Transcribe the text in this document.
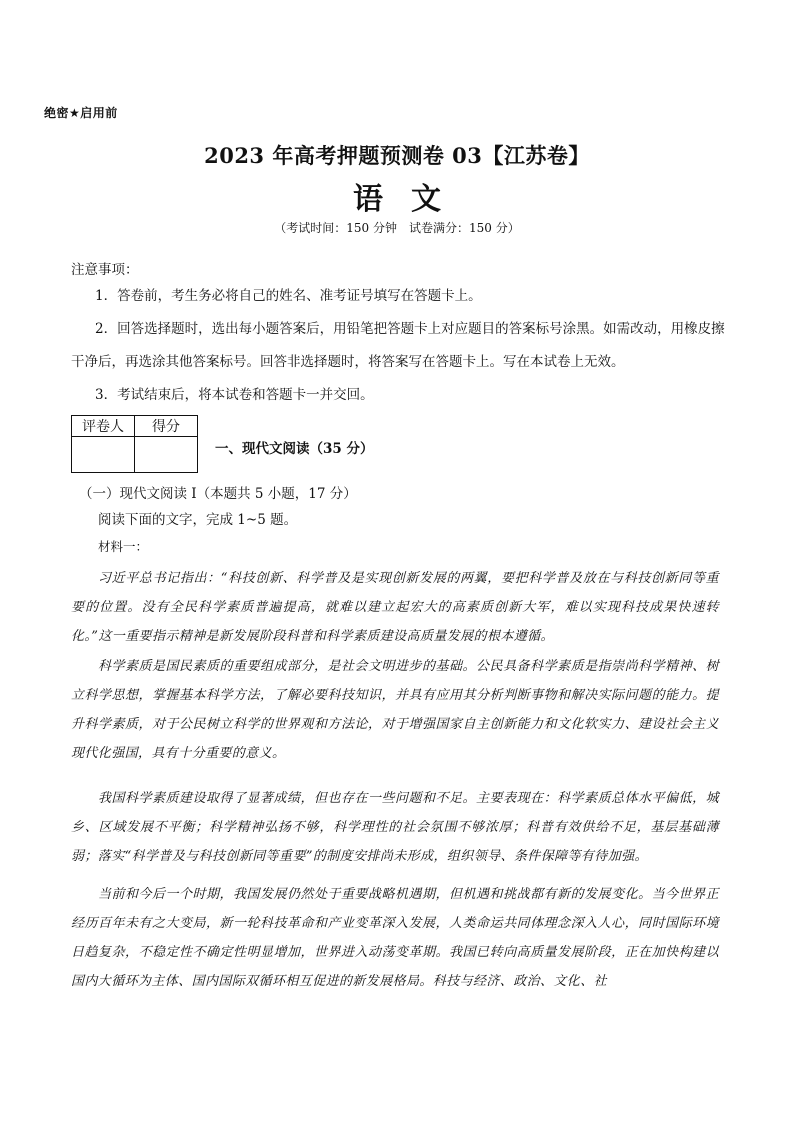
绝密★启用前
2023 年高考押题预测卷 03【江苏卷】
语文
（考试时间：150 分钟　试卷满分：150 分）
注意事项：
1．答卷前，考生务必将自己的姓名、准考证号填写在答题卡上。
2．回答选择题时，选出每小题答案后，用铅笔把答题卡上对应题目的答案标号涂黑。如需改动，用橡皮擦干净后，再选涂其他答案标号。回答非选择题时，将答案写在答题卡上。写在本试卷上无效。
3．考试结束后，将本试卷和答题卡一并交回。
评卷人	得分

一、现代文阅读（35 分）
（一）现代文阅读 I（本题共 5 小题，17 分）
阅读下面的文字，完成 1~5 题。
材料一：
习近平总书记指出：“科技创新、科学普及是实现创新发展的两翼，要把科学普及放在与科技创新同等重要的位置。没有全民科学素质普遍提高，就难以建立起宏大的高素质创新大军，难以实现科技成果快速转化。”这一重要指示精神是新发展阶段科普和科学素质建设高质量发展的根本遵循。
科学素质是国民素质的重要组成部分，是社会文明进步的基础。公民具备科学素质是指崇尚科学精神、树立科学思想，掌握基本科学方法，了解必要科技知识，并具有应用其分析判断事物和解决实际问题的能力。提升科学素质，对于公民树立科学的世界观和方法论，对于增强国家自主创新能力和文化软实力、建设社会主义现代化强国，具有十分重要的意义。
我国科学素质建设取得了显著成绩，但也存在一些问题和不足。主要表现在：科学素质总体水平偏低，城乡、区域发展不平衡；科学精神弘扬不够，科学理性的社会氛围不够浓厚；科普有效供给不足，基层基础薄弱；落实“科学普及与科技创新同等重要”的制度安排尚未形成，组织领导、条件保障等有待加强。
当前和今后一个时期，我国发展仍然处于重要战略机遇期，但机遇和挑战都有新的发展变化。当今世界正经历百年未有之大变局，新一轮科技革命和产业变革深入发展，人类命运共同体理念深入人心，同时国际环境日趋复杂，不稳定性不确定性明显增加，世界进入动荡变革期。我国已转向高质量发展阶段，正在加快构建以国内大循环为主体、国内国际双循环相互促进的新发展格局。科技与经济、政治、文化、社
